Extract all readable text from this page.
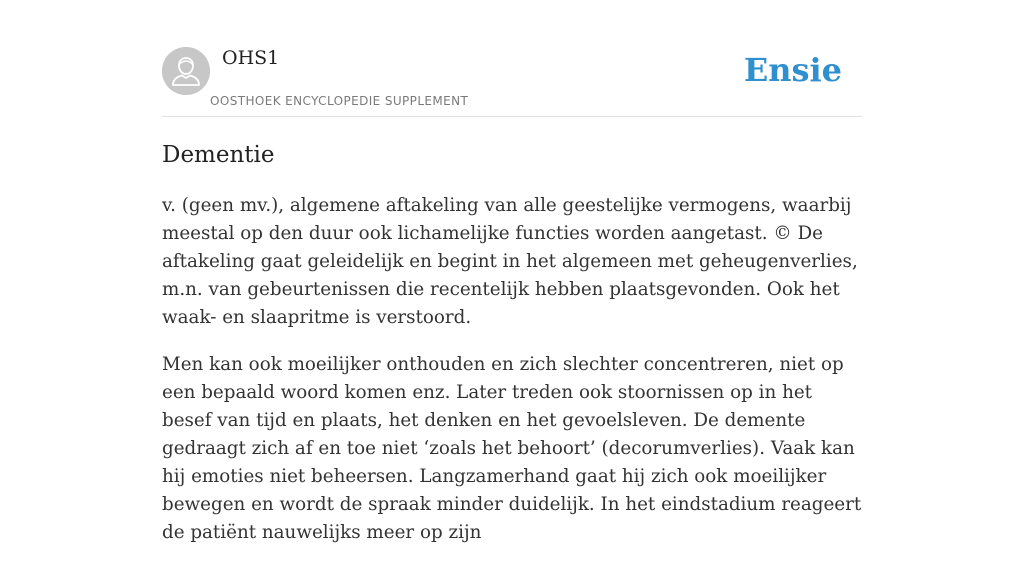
OHS1
OOSTHOEK ENCYCLOPEDIE SUPPLEMENT
Ensie
Dementie

v. (geen mv.), algemene aftakeling van alle geestelijke vermogens, waarbij meestal op den duur ook lichamelijke functies worden aangetast. © De aftakeling gaat geleidelijk en begint in het algemeen met geheugenverlies, m.n. van gebeurtenissen die recentelijk hebben plaatsgevonden. Ook het waak- en slaapritme is verstoord.

Men kan ook moeilijker onthouden en zich slechter concentreren, niet op een bepaald woord komen enz. Later treden ook stoornissen op in het besef van tijd en plaats, het denken en het gevoelsleven. De demente gedraagt zich af en toe niet ‘zoals het behoort’ (decorumverlies). Vaak kan hij emoties niet beheersen. Langzamerhand gaat hij zich ook moeilijker bewegen en wordt de spraak minder duidelijk. In het eindstadium reageert de patiënt nauwelijks meer op zijn
